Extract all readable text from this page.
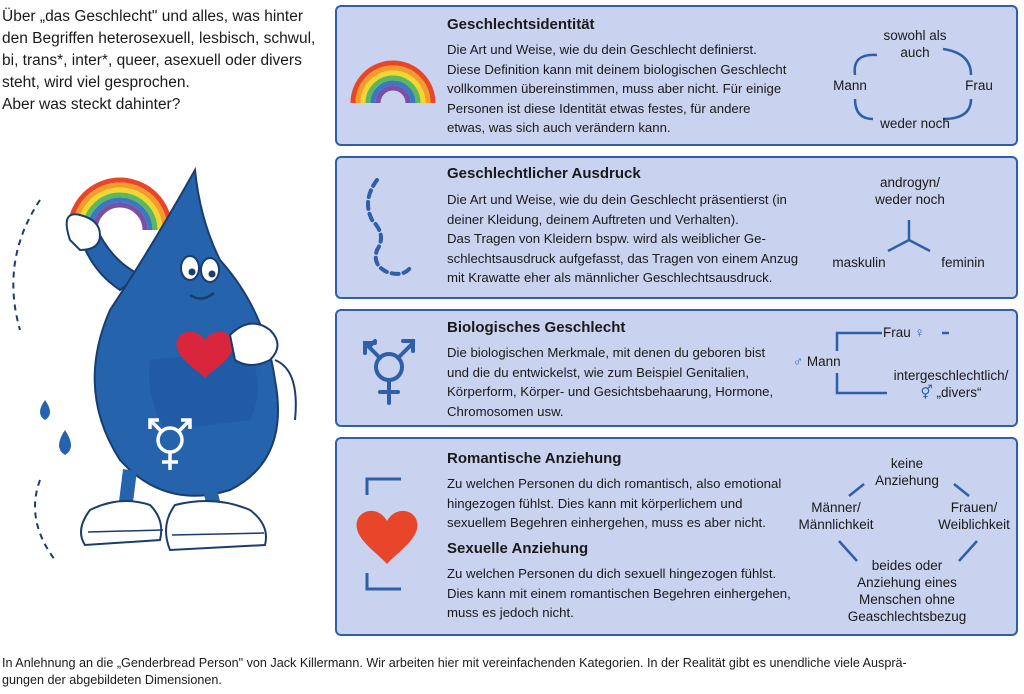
Über „das Geschlecht" und alles, was hinter
den Begriffen heterosexuell, lesbisch, schwul,
bi, trans*, inter*, queer, asexuell oder divers
steht, wird viel gesprochen.
Aber was steckt dahinter?
Geschlechtsidentität
Die Art und Weise, wie du dein Geschlecht definierst.
Diese Definition kann mit deinem biologischen Geschlecht
vollkommen übereinstimmen, muss aber nicht. Für einige
Personen ist diese Identität etwas festes, für andere
etwas, was sich auch verändern kann.
sowohl als
auch
Mann	Frau
weder noch
Geschlechtlicher Ausdruck
Die Art und Weise, wie du dein Geschlecht präsentierst (in
deiner Kleidung, deinem Auftreten und Verhalten).
Das Tragen von Kleidern bspw. wird als weiblicher Ge-
schlechtsausdruck aufgefasst, das Tragen von einem Anzug
mit Krawatte eher als männlicher Geschlechtsausdruck.
androgyn/
weder noch
maskulin	feminin
Biologisches Geschlecht
Die biologischen Merkmale, mit denen du geboren bist
und die du entwickelst, wie zum Beispiel Genitalien,
Körperform, Körper- und Gesichtsbehaarung, Hormone,
Chromosomen usw.
Frau ♀
♂ Mann
intergeschlechtlich/
⚥ „divers“
Romantische Anziehung
Zu welchen Personen du dich romantisch, also emotional
hingezogen fühlst. Dies kann mit körperlichem und
sexuellem Begehren einhergehen, muss es aber nicht.
Sexuelle Anziehung
Zu welchen Personen du dich sexuell hingezogen fühlst.
Dies kann mit einem romantischen Begehren einhergehen,
muss es jedoch nicht.
keine
Anziehung
Männer/
Männlichkeit
Frauen/
Weiblichkeit
beides oder
Anziehung eines
Menschen ohne
Geaschlechtsbezug
In Anlehnung an die „Genderbread Person" von Jack Killermann. Wir arbeiten hier mit vereinfachenden Kategorien. In der Realität gibt es unendliche viele Ausprä-
gungen der abgebildeten Dimensionen.
